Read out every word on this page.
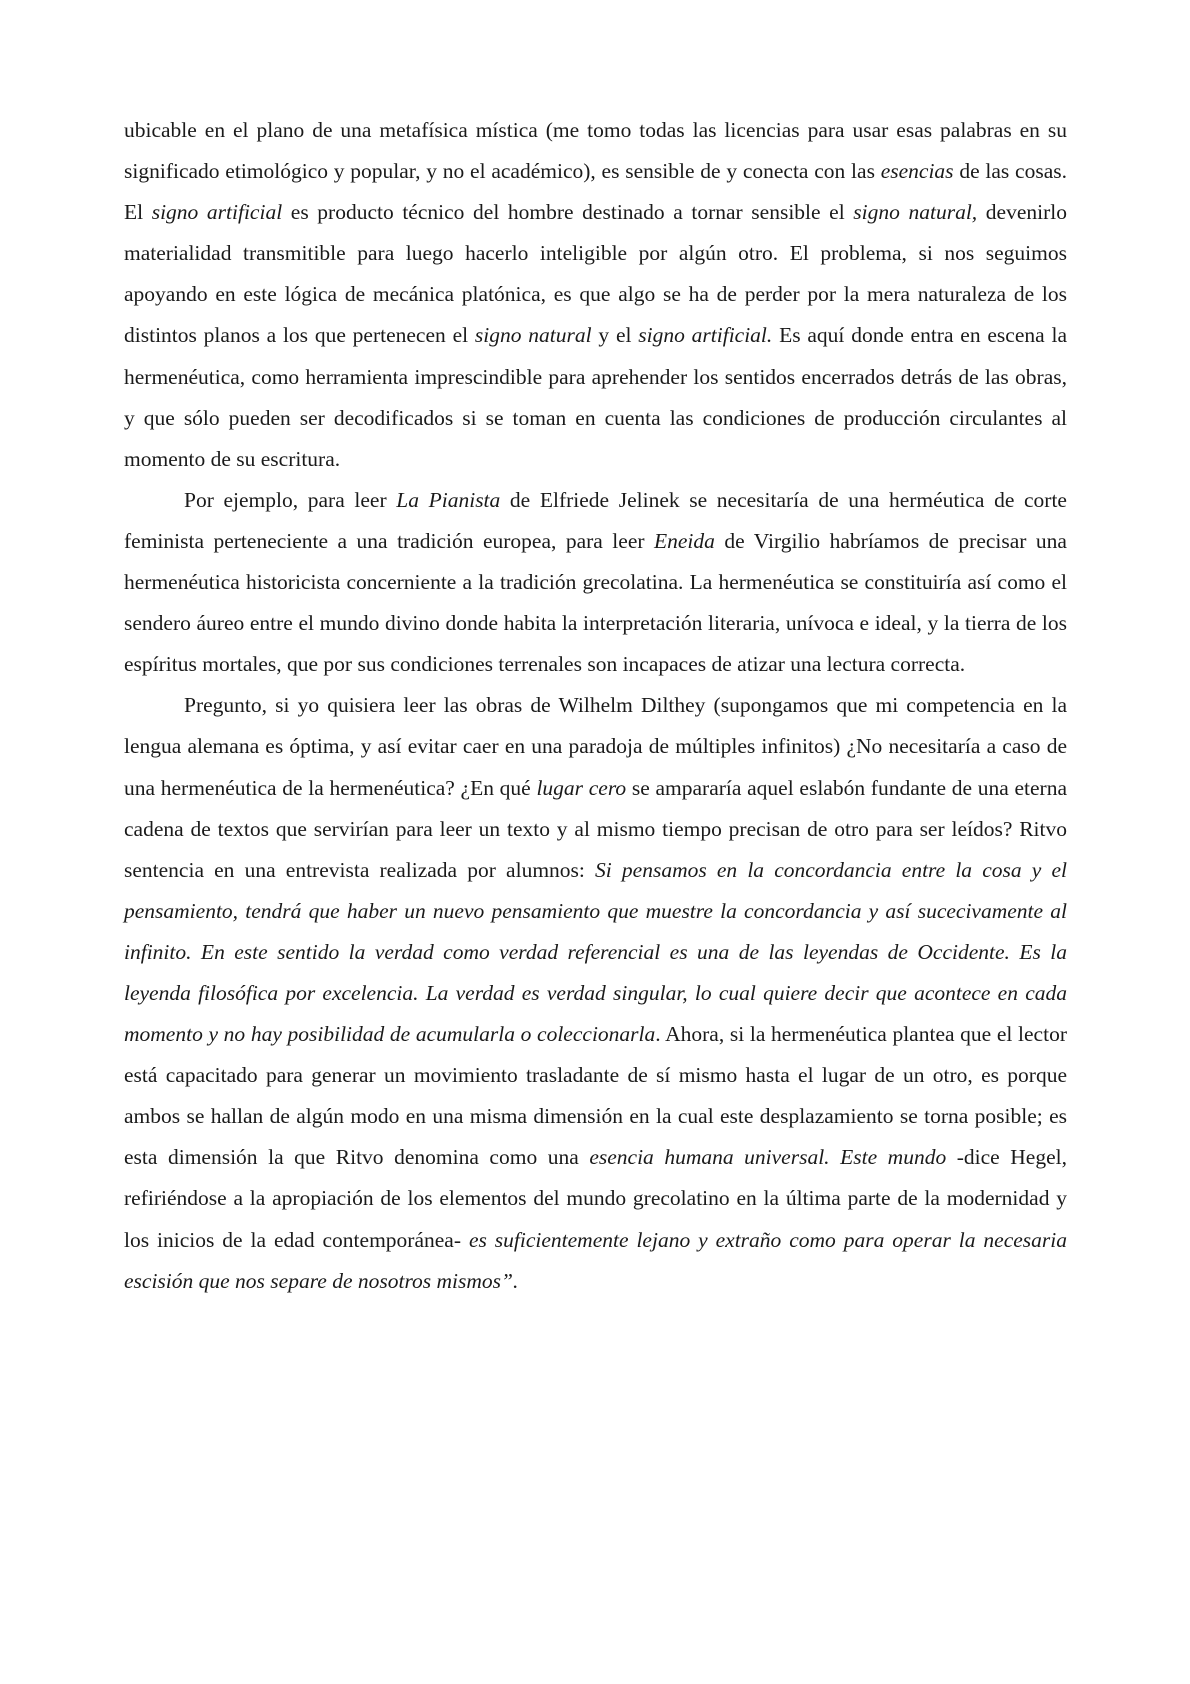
ubicable en el plano de una metafísica mística (me tomo todas las licencias para usar esas palabras en su significado etimológico y popular, y no el académico), es sensible de y conecta con las esencias de las cosas. El signo artificial es producto técnico del hombre destinado a tornar sensible el signo natural, devenirlo materialidad transmitible para luego hacerlo inteligible por algún otro. El problema, si nos seguimos apoyando en este lógica de mecánica platónica, es que algo se ha de perder por la mera naturaleza de los distintos planos a los que pertenecen el signo natural y el signo artificial. Es aquí donde entra en escena la hermenéutica, como herramienta imprescindible para aprehender los sentidos encerrados detrás de las obras, y que sólo pueden ser decodificados si se toman en cuenta las condiciones de producción circulantes al momento de su escritura.

Por ejemplo, para leer La Pianista de Elfriede Jelinek se necesitaría de una herméutica de corte feminista perteneciente a una tradición europea, para leer Eneida de Virgilio habríamos de precisar una hermenéutica historicista concerniente a la tradición grecolatina. La hermenéutica se constituiría así como el sendero áureo entre el mundo divino donde habita la interpretación literaria, unívoca e ideal, y la tierra de los espíritus mortales, que por sus condiciones terrenales son incapaces de atizar una lectura correcta.

Pregunto, si yo quisiera leer las obras de Wilhelm Dilthey (supongamos que mi competencia en la lengua alemana es óptima, y así evitar caer en una paradoja de múltiples infinitos) ¿No necesitaría a caso de una hermenéutica de la hermenéutica? ¿En qué lugar cero se ampararía aquel eslabón fundante de una eterna cadena de textos que servirían para leer un texto y al mismo tiempo precisan de otro para ser leídos? Ritvo sentencia en una entrevista realizada por alumnos: Si pensamos en la concordancia entre la cosa y el pensamiento, tendrá que haber un nuevo pensamiento que muestre la concordancia y así sucecivamente al infinito. En este sentido la verdad como verdad referencial es una de las leyendas de Occidente. Es la leyenda filosófica por excelencia. La verdad es verdad singular, lo cual quiere decir que acontece en cada momento y no hay posibilidad de acumularla o coleccionarla. Ahora, si la hermenéutica plantea que el lector está capacitado para generar un movimiento trasladante de sí mismo hasta el lugar de un otro, es porque ambos se hallan de algún modo en una misma dimensión en la cual este desplazamiento se torna posible; es esta dimensión la que Ritvo denomina como una esencia humana universal. Este mundo -dice Hegel, refiriéndose a la apropiación de los elementos del mundo grecolatino en la última parte de la modernidad y los inicios de la edad contemporánea- es suficientemente lejano y extraño como para operar la necesaria escisión que nos separe de nosotros mismos”.
